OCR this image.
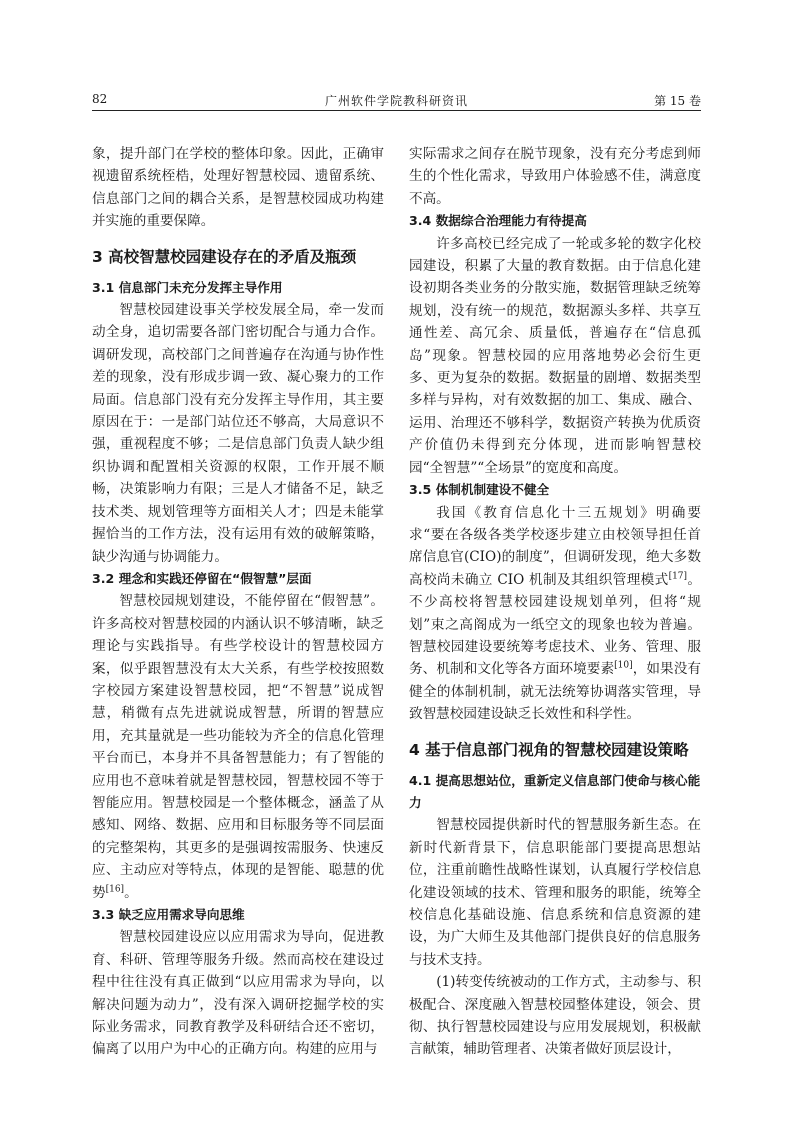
82	广州软件学院教科研资讯	第 15 卷

象，提升部门在学校的整体印象。因此，正确审视遗留系统桎梏，处理好智慧校园、遗留系统、信息部门之间的耦合关系，是智慧校园成功构建并实施的重要保障。

3 高校智慧校园建设存在的矛盾及瓶颈
3.1 信息部门未充分发挥主导作用

智慧校园建设事关学校发展全局，牵一发而动全身，追切需要各部门密切配合与通力合作。调研发现，高校部门之间普遍存在沟通与协作性差的现象，没有形成步调一致、凝心聚力的工作局面。信息部门没有充分发挥主导作用，其主要原因在于：一是部门站位还不够高，大局意识不强，重视程度不够；二是信息部门负责人缺少组织协调和配置相关资源的权限，工作开展不顺畅，决策影响力有限；三是人才储备不足，缺乏技术类、规划管理等方面相关人才；四是未能掌握恰当的工作方法，没有运用有效的破解策略，缺少沟通与协调能力。

3.2 理念和实践还停留在“假智慧”层面

智慧校园规划建设，不能停留在“假智慧”。许多高校对智慧校园的内涵认识不够清晰，缺乏理论与实践指导。有些学校设计的智慧校园方案，似乎跟智慧没有太大关系，有些学校按照数字校园方案建设智慧校园，把“不智慧”说成智慧，稍微有点先进就说成智慧，所谓的智慧应用，充其量就是一些功能较为齐全的信息化管理平台而已，本身并不具备智慧能力；有了智能的应用也不意味着就是智慧校园，智慧校园不等于智能应用。智慧校园是一个整体概念，涵盖了从感知、网络、数据、应用和目标服务等不同层面的完整架构，其更多的是强调按需服务、快速反应、主动应对等特点，体现的是智能、聪慧的优势[16]。

3.3 缺乏应用需求导向思维

智慧校园建设应以应用需求为导向，促进教育、科研、管理等服务升级。然而高校在建设过程中往往没有真正做到“以应用需求为导向，以解决问题为动力”，没有深入调研挖掘学校的实际业务需求，同教育教学及科研结合还不密切，偏离了以用户为中心的正确方向。构建的应用与

实际需求之间存在脱节现象，没有充分考虑到师生的个性化需求，导致用户体验感不佳，满意度不高。

3.4 数据综合治理能力有待提高

许多高校已经完成了一轮或多轮的数字化校园建设，积累了大量的教育数据。由于信息化建设初期各类业务的分散实施，数据管理缺乏统筹规划，没有统一的规范，数据源头多样、共享互通性差、高冗余、质量低，普遍存在“信息孤岛”现象。智慧校园的应用落地势必会衍生更多、更为复杂的数据。数据量的剧增、数据类型多样与异构，对有效数据的加工、集成、融合、运用、治理还不够科学，数据资产转换为优质资产价值仍未得到充分体现，进而影响智慧校园“全智慧”“全场景”的宽度和高度。

3.5 体制机制建设不健全

我国《教育信息化十三五规划》明确要求“要在各级各类学校逐步建立由校领导担任首席信息官(CIO)的制度”，但调研发现，绝大多数高校尚未确立 CIO 机制及其组织管理模式[17]。不少高校将智慧校园建设规划单列，但将“规划”束之高阁成为一纸空文的现象也较为普遍。智慧校园建设要统筹考虑技术、业务、管理、服务、机制和文化等各方面环境要素[10]，如果没有健全的体制机制，就无法统筹协调落实管理，导致智慧校园建设缺乏长效性和科学性。

4 基于信息部门视角的智慧校园建设策略
4.1 提高思想站位，重新定义信息部门使命与核心能力

智慧校园提供新时代的智慧服务新生态。在新时代新背景下，信息职能部门要提高思想站位，注重前瞻性战略性谋划，认真履行学校信息化建设领域的技术、管理和服务的职能，统筹全校信息化基础设施、信息系统和信息资源的建设，为广大师生及其他部门提供良好的信息服务与技术支持。

(1)转变传统被动的工作方式，主动参与、积极配合、深度融入智慧校园整体建设，领会、贯彻、执行智慧校园建设与应用发展规划，积极献言献策，辅助管理者、决策者做好顶层设计，
